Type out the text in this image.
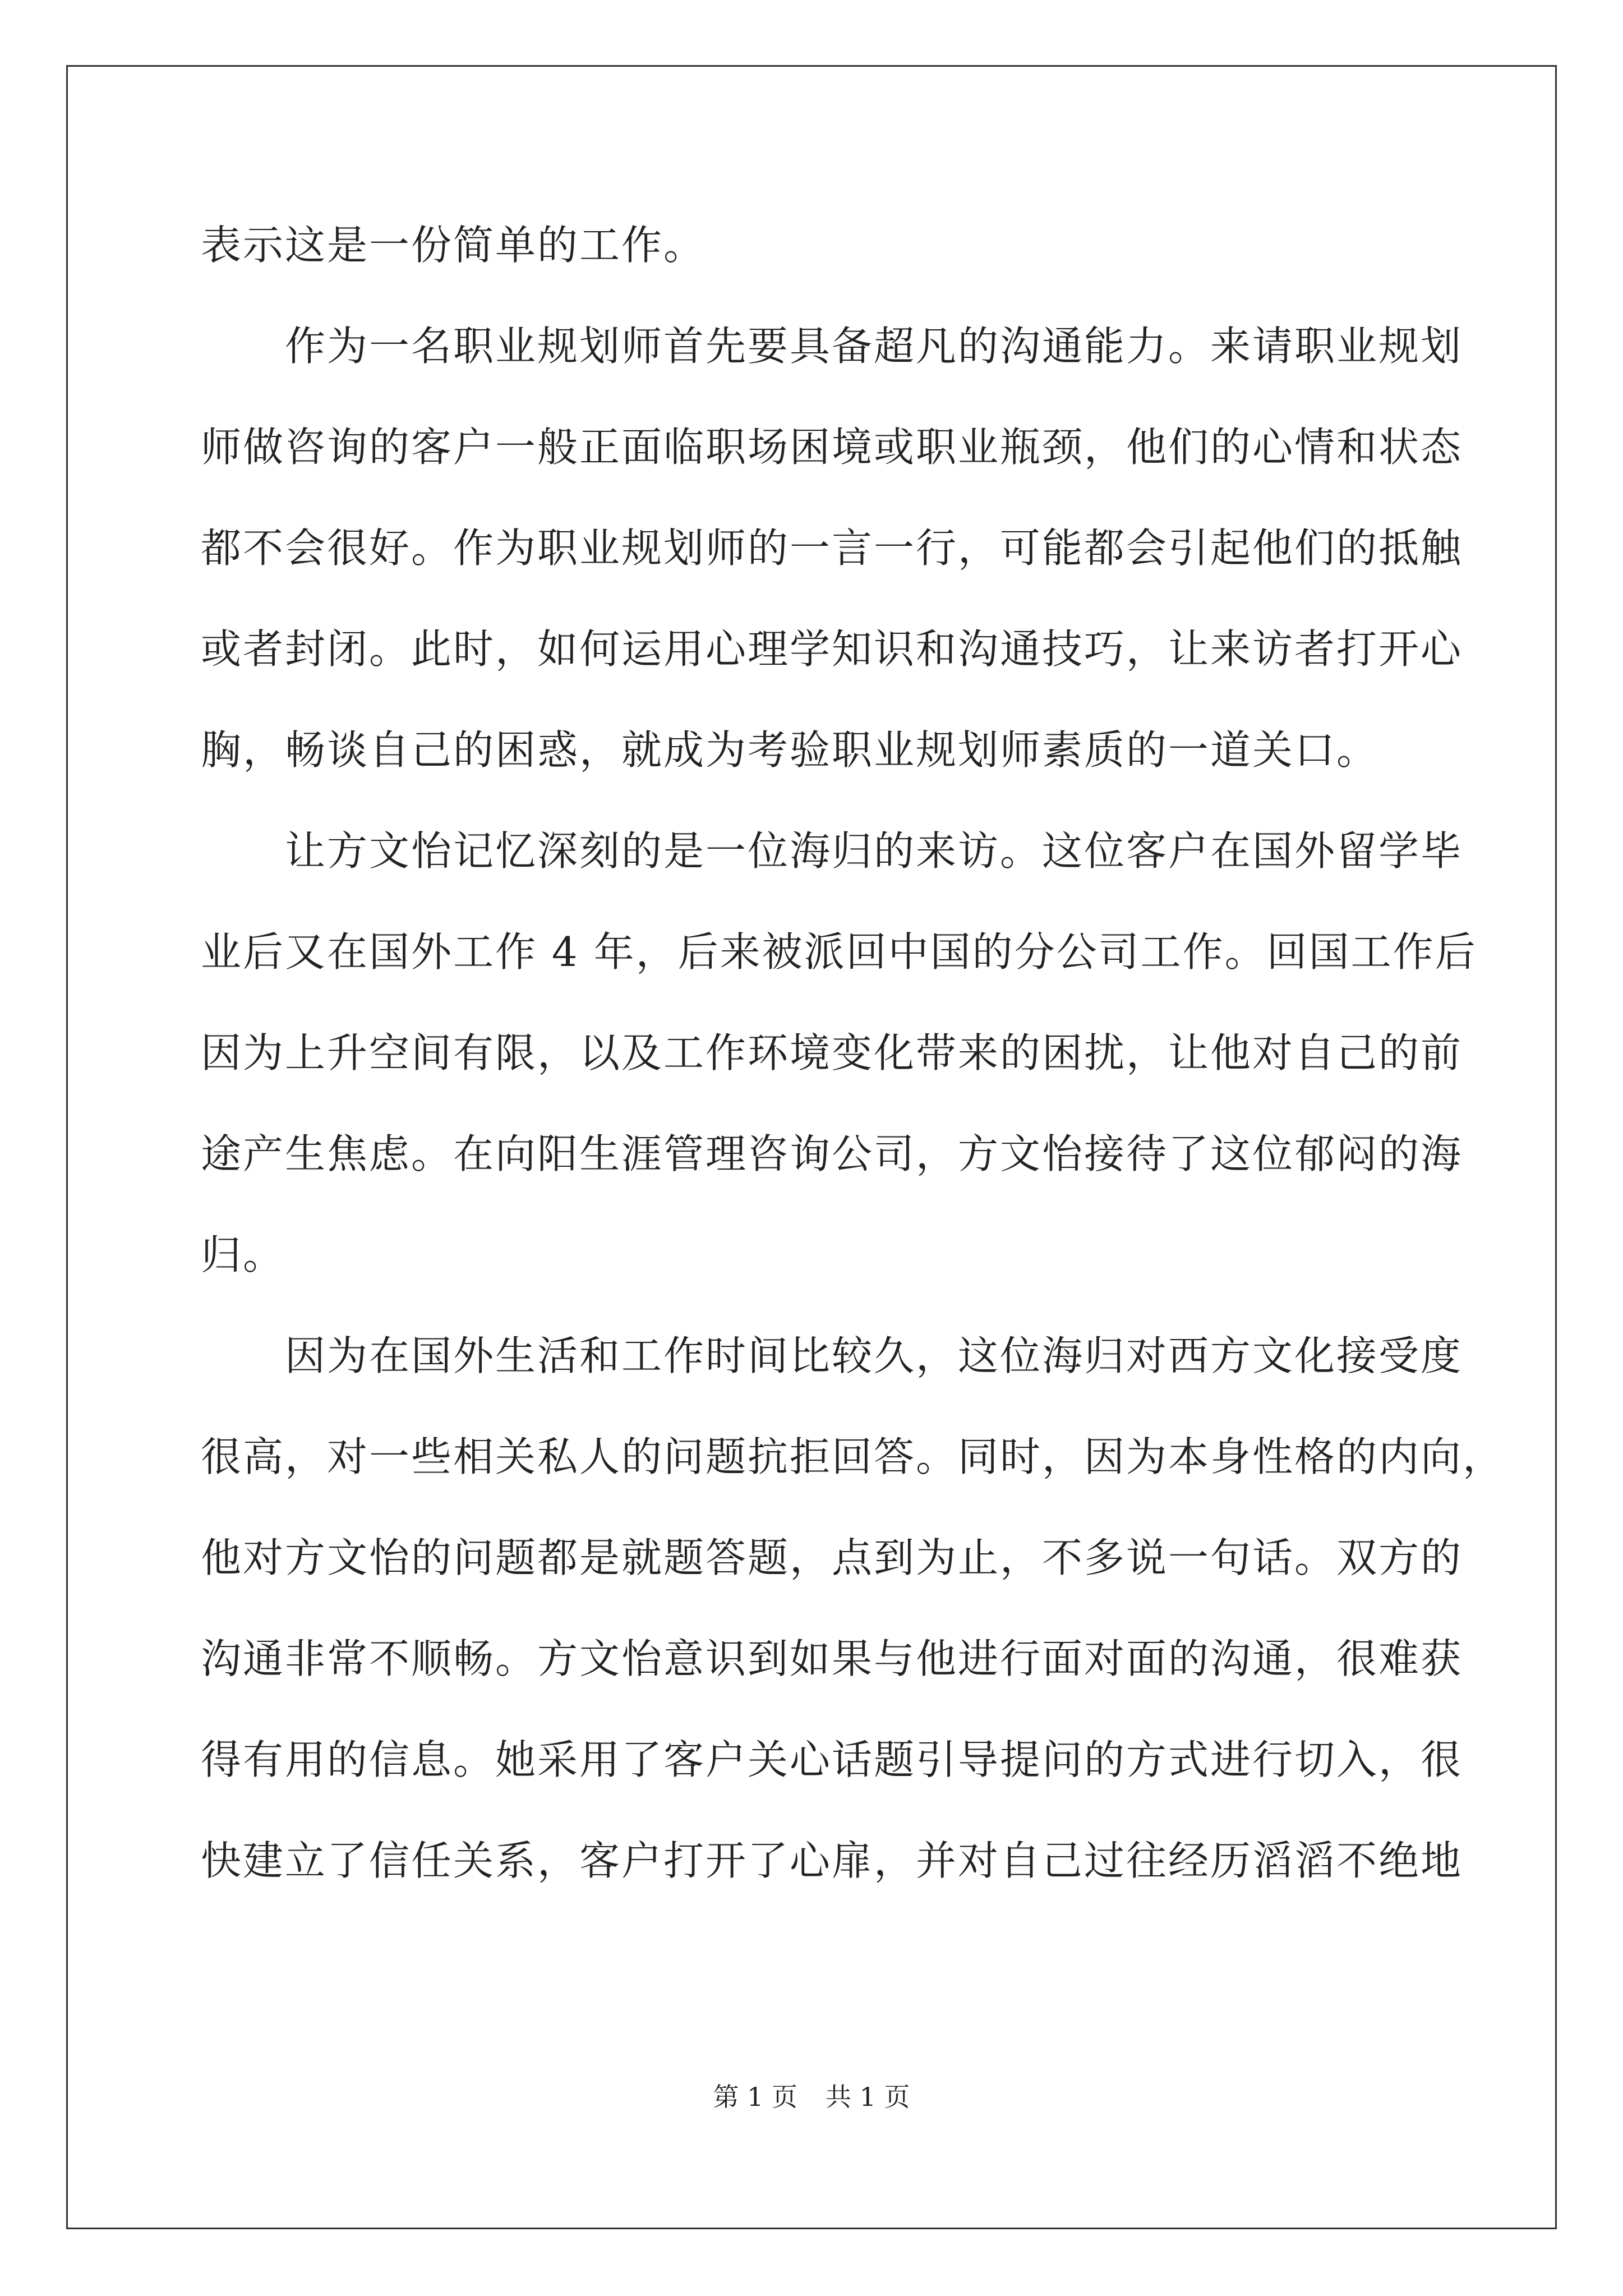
表示这是一份简单的工作。

　　作为一名职业规划师首先要具备超凡的沟通能力。来请职业规划

师做咨询的客户一般正面临职场困境或职业瓶颈，他们的心情和状态

都不会很好。作为职业规划师的一言一行，可能都会引起他们的抵触

或者封闭。此时，如何运用心理学知识和沟通技巧，让来访者打开心

胸，畅谈自己的困惑，就成为考验职业规划师素质的一道关口。

　　让方文怡记忆深刻的是一位海归的来访。这位客户在国外留学毕

业后又在国外工作 4 年，后来被派回中国的分公司工作。回国工作后

因为上升空间有限，以及工作环境变化带来的困扰，让他对自己的前

途产生焦虑。在向阳生涯管理咨询公司，方文怡接待了这位郁闷的海

归。

　　因为在国外生活和工作时间比较久，这位海归对西方文化接受度

很高，对一些相关私人的问题抗拒回答。同时，因为本身性格的内向，

他对方文怡的问题都是就题答题，点到为止，不多说一句话。双方的

沟通非常不顺畅。方文怡意识到如果与他进行面对面的沟通，很难获

得有用的信息。她采用了客户关心话题引导提问的方式进行切入，很

快建立了信任关系，客户打开了心扉，并对自己过往经历滔滔不绝地

第 1 页 共 1 页
